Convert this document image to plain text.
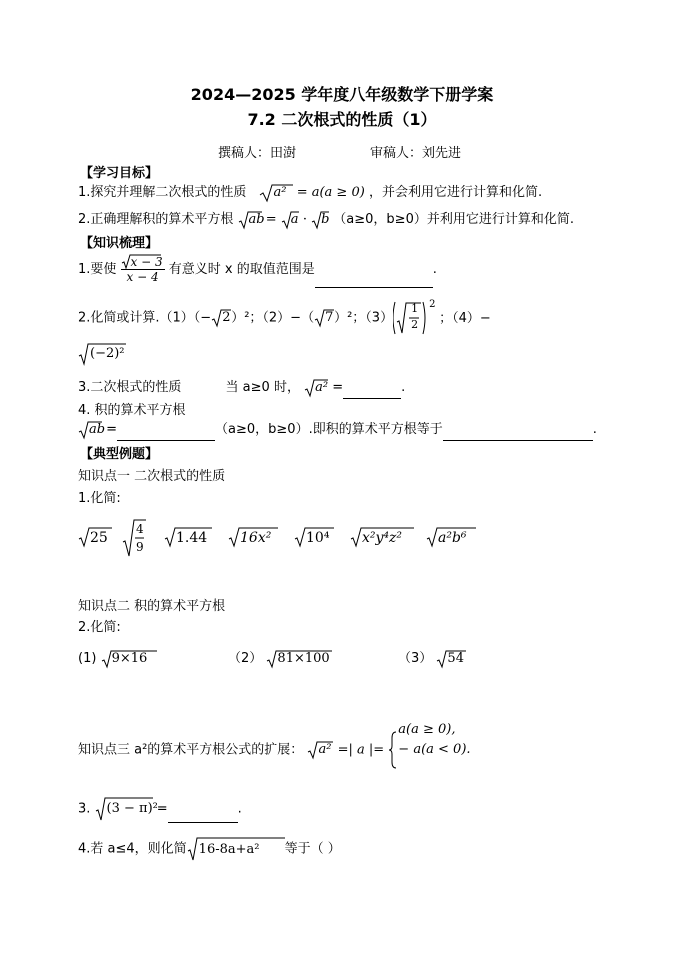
2024—2025 学年度八年级数学下册学案
7.2 二次根式的性质（1）
撰稿人：田澍	审稿人：刘先进
【学习目标】
1.探究并理解二次根式的性质 a² = a(a ≥ 0) ，并会利用它进行计算和化简.
2.正确理解积的算术平方根 ab = a · b （a≥0，b≥0）并利用它进行计算和化简.
【知识梳理】
1.要使 $\frac{x - 3}{x - 4}$ 有意义时 x 的取值范围是	.
2.化简或计算.（1）（− 2 ）²；（2）−（ 7 ）²；（3）
1
2
2
；（4）−
(−2)²
3.二次根式的性质	当 a≥0 时， a² =	.
4. 积的算术平方根
ab
=	（a≥0，b≥0）.即积的算术平方根等于	.
【典型例题】
知识点一 二次根式的性质
1.化简:
25
4
9
1.44 16x² 10⁴ x²y⁴z²	a²b⁶
知识点二 积的算术平方根
2.化简:
(1) 9×16	（2） 81×100	（3） 54
知识点三 a²的算术平方根公式的扩展： a² =| a |=
a(a ≥ 0),
− a(a < 0).
3. (3 − π)²
=	.
4.若 a≤4，则化简 16-8a+a² 等于（ ）
